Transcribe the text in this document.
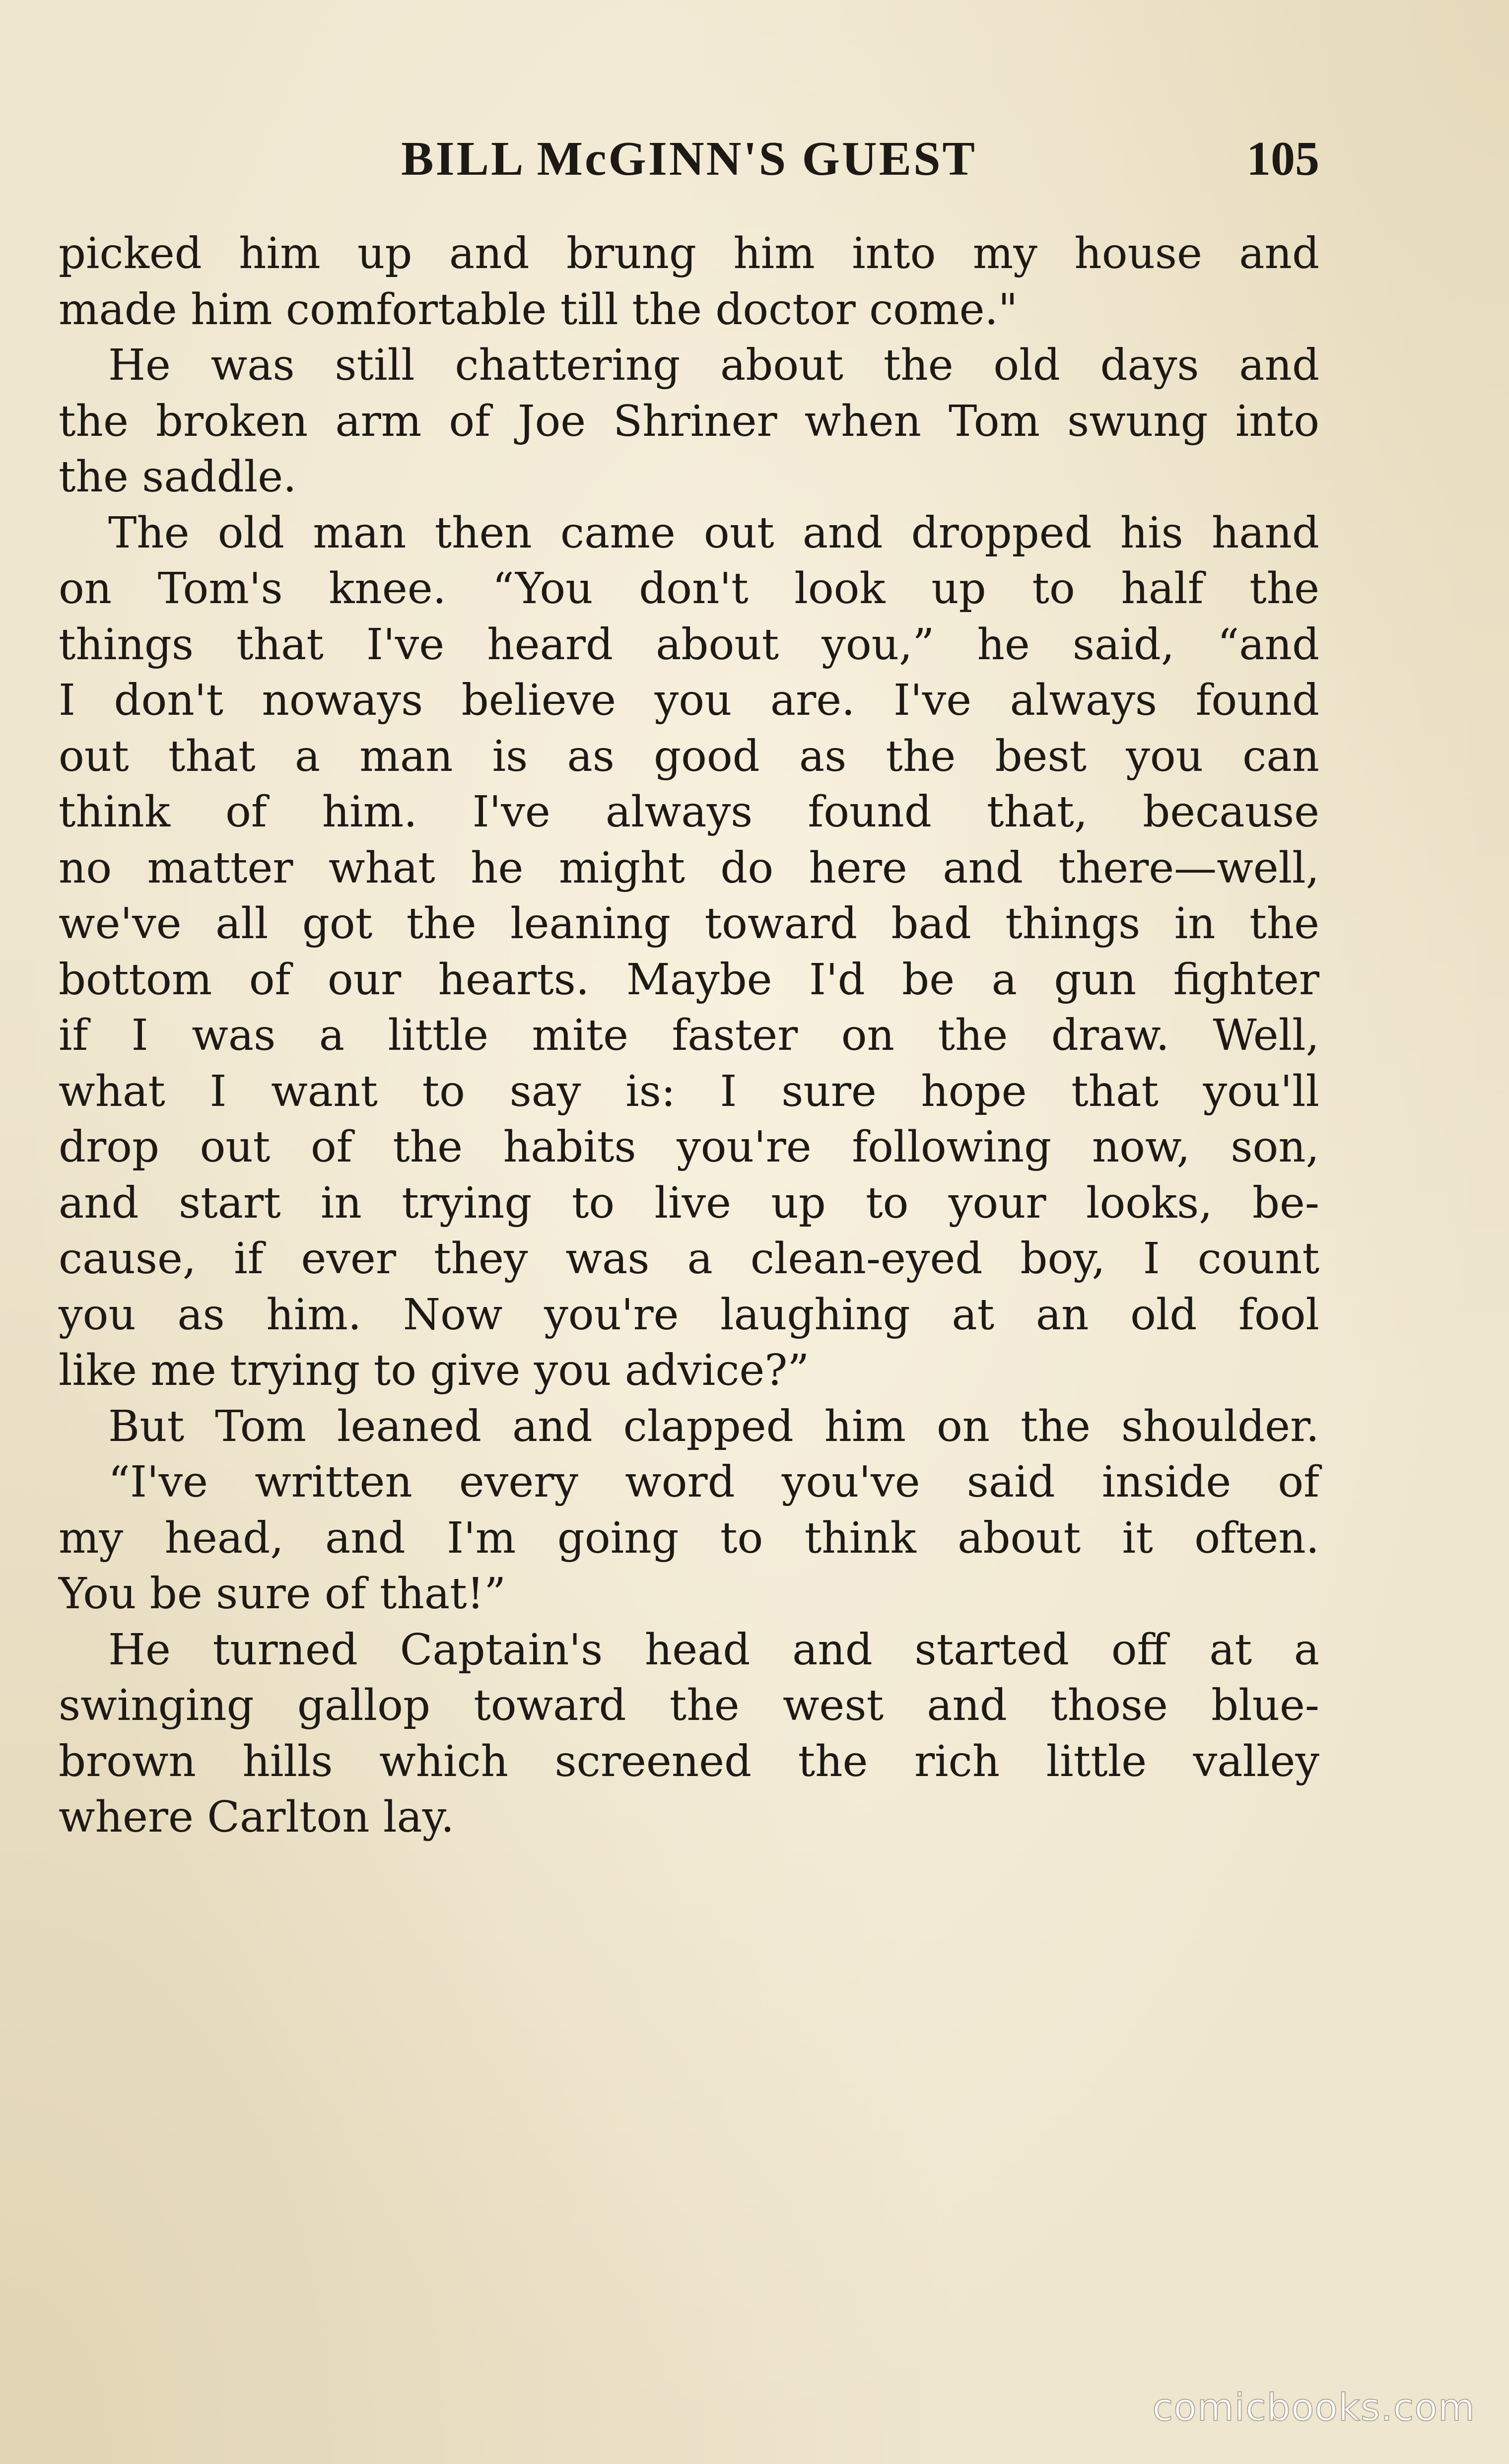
BILL McGINN'S GUEST	105
picked him up and brung him into my house and
made him comfortable till the doctor come."
He was still chattering about the old days and
the broken arm of Joe Shriner when Tom swung into
the saddle.
The old man then came out and dropped his hand
on Tom's knee. “You don't look up to half the
things that I've heard about you,” he said, “and
I don't noways believe you are. I've always found
out that a man is as good as the best you can
think of him. I've always found that, because
no matter what he might do here and there—well,
we've all got the leaning toward bad things in the
bottom of our hearts. Maybe I'd be a gun fighter
if I was a little mite faster on the draw. Well,
what I want to say is: I sure hope that you'll
drop out of the habits you're following now, son,
and start in trying to live up to your looks, be-
cause, if ever they was a clean-eyed boy, I count
you as him. Now you're laughing at an old fool
like me trying to give you advice?”
But Tom leaned and clapped him on the shoulder.
“I've written every word you've said inside of
my head, and I'm going to think about it often.
You be sure of that!”
He turned Captain's head and started off at a
swinging gallop toward the west and those blue-
brown hills which screened the rich little valley
where Carlton lay.
comicbooks.com
